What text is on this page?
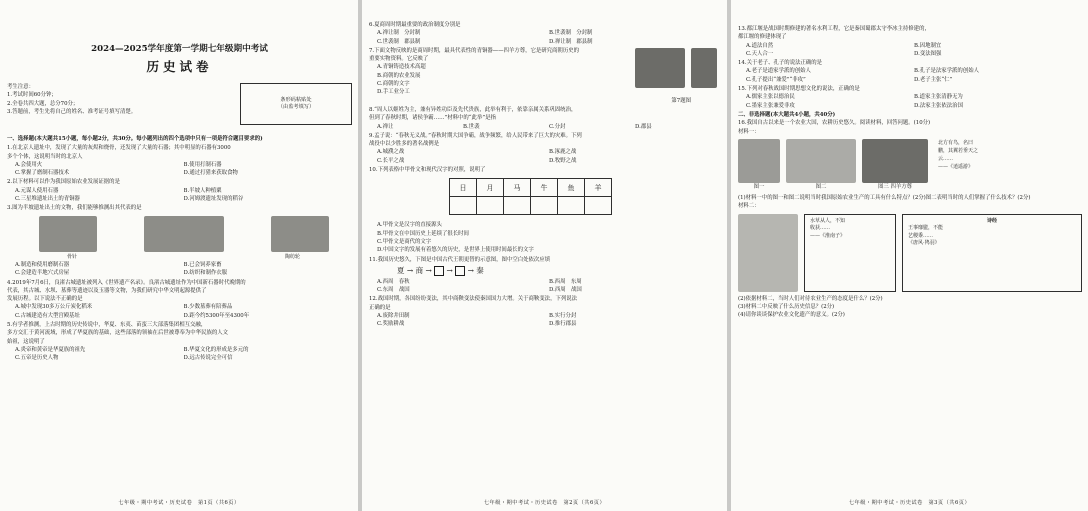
2024—2025学年度第一学期七年级期中考试
历史试卷
考生注意：
1.考试时间60分钟；
2.全卷共四大题，总分70分；
3.答题前，考生先将自己的姓名、准考证号填写清楚。
条形码粘贴处
（由监考填写）
一、选择题(本大题共15小题，每小题2分，共30分。每小题列出的四个选项中只有一项是符合题目要求的)
1.在北京人遗址中，发现了大量的灰烬和烧骨，还发现了大量的石器；其中明显的石器有3000
多个个体，这说明当时的北京人
A.会使用火	B.使用打制石器
C.掌握了磨制石器技术	D.通过打猎来获取食物
2.以下材料可以作为我国原始农业发展证据的是
A.元谋人使用石器	B.半坡人种植粟
C.三星堆遗址出土的青铜器	D.河姆渡遗址发现的稻谷
3.图为半坡遗址出土的文物，我们能够推测出其代表的是
骨针	陶纺轮
A.制造和使用磨制石器	B.已会饲养家畜
C.会建造半地穴式房屋	D.纺织和制作衣服
4.2019年7月6日，良渚古城遗址被列入《世界遗产名录》。良渚古城遗址作为中国新石器时代晚期的
代表，其古城、水坝、墓葬等遗迹以及玉器等文物，为我们研究中华文明起源提供了
发展历程。以下说法不正确的是
A.城中发现30多万公斤炭化稻米	B.少数墓葬有陪葬品
C.古城建造有大型宫殿基址	D.距今约5300年至4300年
5.有学者推测，上古时期的历史传说中，华夏、东夷、苗蛮三大部落集团相互交融，
多方交汇于黄河流域，形成了华夏族的基础，这些部落的领袖在后世被尊奉为中华民族的人文
始祖，这说明了
A.炎帝和黄帝是华夏族的祖先	B.华夏文化的形成是多元的
C.五帝是历史人物	D.远古传说完全可信
七年级・期中考试・历史试卷　第1页（共6页）
6.夏商周时期最重要的政治制度分别是
A.禅让制　分封制	B.世袭制　分封制
C.世袭制　郡县制	D.禅让制　郡县制
7.下面文物反映的是商周时期，最具代表性的青铜器——四羊方尊，它是研究商朝历史的
重要实物资料。它反映了
A.青铜铸造技术高超
B.商朝的农业发展
C.商朝的文字
D.手工业分工
第7题图
8.“周人以姬姓为主，兼有异姓功臣及先代贵族，此举有利于，依靠亲属关系巩固统治，
但到了春秋时期，诸侯争霸……”材料中的“此举”是指
A.禅让	B.世袭	C.分封	D.郡县
9.孟子说：“春秋无义战。”春秋时期大国争霸，战争频繁，给人民带来了巨大的灾难。下列
战役中以少胜多的著名战例是
A.城濮之战	B.涿鹿之战
C.长平之战	D.牧野之战
10.下列表格中甲骨文和现代汉字的对照，说明了
日	月	马	牛	鱼	羊

A.甲骨文是汉字的直接源头
B.甲骨文在中国历史上延续了很长时间
C.甲骨文是商代的文字
D.中国文字的发展有着悠久的历史，是世界上使用时间最长的文字
11.我国历史悠久，下图是中国古代王朝更替的示意图，图中空白处依次应填
夏 → 商 →  →  → 秦
A.西周　春秋	B.西周　东周
C.东周　战国	D.西周　战国
12.战国时期，各国纷纷变法，其中商鞅变法使秦国国力大增。关于商鞅变法，下列说法
正确的是
A.废除井田制	B.实行分封
C.奖励耕战	D.推行郡县
七年级・期中考试・历史试卷　第2页（共6页）
13.都江堰是战国时期修建的著名水利工程，它是秦国蜀郡太守李冰主持修建的，
都江堰的修建体现了
A.道法自然	B.因地制宜
C.天人合一	D.变法图强
14.关于老子、孔子的说法正确的是
A.老子是道家学派的创始人	B.孔子是法家学派的创始人
C.孔子提出“兼爱”“非攻”	D.老子主张“仁”
15.下列对春秋战国时期思想文化的说法，正确的是
A.儒家主张以德治民	B.道家主张清静无为
C.墨家主张兼爱非攻	D.法家主张依法治国
二、非选择题(本大题共4小题，共40分)
16.我国自古以来是一个农业大国，农耕历史悠久。阅读材料，回答问题。(10分)
材料一：
图一	图二	图三 四羊方尊
北方有鸟，名曰
鹏，其翼若垂天之
云……
——《逍遥游》
(1)材料一中的图一和图二说明当时我国原始农业生产的工具有什么特点？(2分)图二表明当时的人们掌握了什么技术？(2分)
材料二：
水草从人，不知
收获……
——《淮南子》
诗经
王事靡盬，不能
艺稷黍……
《唐风·鸨羽》
(2)依据材料二，当时人们对待农业生产的态度是什么？(2分)
(3)材料二中反映了什么历史信息？(2分)
(4)请你谈谈保护农业文化遗产的意义。(2分)
七年级・期中考试・历史试卷　第3页（共6页）
